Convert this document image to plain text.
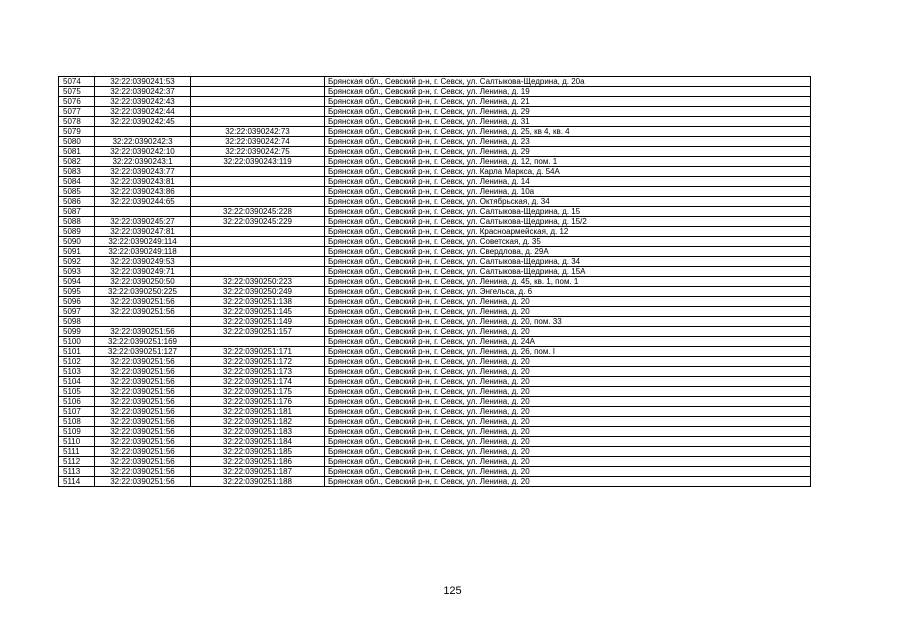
5074	32:22:0390241:53		Брянская обл., Севский р-н, г. Севск, ул. Салтыкова-Щедрина, д. 20а
5075	32:22:0390242:37		Брянская обл., Севский р-н, г. Севск, ул. Ленина, д. 19
5076	32:22:0390242:43		Брянская обл., Севский р-н, г. Севск, ул. Ленина, д. 21
5077	32:22:0390242:44		Брянская обл., Севский р-н, г. Севск, ул. Ленина, д. 29
5078	32:22:0390242:45		Брянская обл., Севский р-н, г. Севск, ул. Ленина, д. 31
5079		32:22:0390242:73	Брянская обл., Севский р-н, г. Севск, ул. Ленина, д. 25, кв 4, кв. 4
5080	32:22:0390242:3	32:22:0390242:74	Брянская обл., Севский р-н, г. Севск, ул. Ленина, д. 23
5081	32:22:0390242:10	32:22:0390242:75	Брянская обл., Севский р-н, г. Севск, ул. Ленина, д. 29
5082	32:22:0390243:1	32:22:0390243:119	Брянская обл., Севский р-н, г. Севск, ул. Ленина, д. 12, пом. 1
5083	32:22:0390243:77		Брянская обл., Севский р-н, г. Севск, ул. Карла Маркса, д. 54А
5084	32:22:0390243:81		Брянская обл., Севский р-н, г. Севск, ул. Ленина, д. 14
5085	32:22:0390243:86		Брянская обл., Севский р-н, г. Севск, ул. Ленина, д. 10а
5086	32:22:0390244:65		Брянская обл., Севский р-н, г. Севск, ул. Октябрьская, д. 34
5087		32:22:0390245:228	Брянская обл., Севский р-н, г. Севск, ул. Салтыкова-Щедрина, д. 15
5088	32:22:0390245:27	32:22:0390245:229	Брянская обл., Севский р-н, г. Севск, ул. Салтыкова-Щедрина, д. 15/2
5089	32:22:0390247:81		Брянская обл., Севский р-н, г. Севск, ул. Красноармейская, д. 12
5090	32:22:0390249:114		Брянская обл., Севский р-н, г. Севск, ул. Советская, д. 35
5091	32:22:0390249:118		Брянская обл., Севский р-н, г. Севск, ул. Свердлова, д. 29А
5092	32:22:0390249:53		Брянская обл., Севский р-н, г. Севск, ул. Салтыкова-Щедрина, д. 34
5093	32:22:0390249:71		Брянская обл., Севский р-н, г. Севск, ул. Салтыкова-Щедрина, д. 15А
5094	32:22:0390250:50	32:22:0390250:223	Брянская обл., Севский р-н, г. Севск, ул. Ленина, д. 45, кв. 1, пом. 1
5095	32:22:0390250:225	32:22:0390250:249	Брянская обл., Севский р-н, г. Севск, ул. Энгельса, д. 6
5096	32:22:0390251:56	32:22:0390251:138	Брянская обл., Севский р-н, г. Севск, ул. Ленина, д. 20
5097	32:22:0390251:56	32:22:0390251:145	Брянская обл., Севский р-н, г. Севск, ул. Ленина, д. 20
5098		32:22:0390251:149	Брянская обл., Севский р-н, г. Севск, ул. Ленина, д. 20, пом. 33
5099	32:22:0390251:56	32:22:0390251:157	Брянская обл., Севский р-н, г. Севск, ул. Ленина, д. 20
5100	32:22:0390251:169		Брянская обл., Севский р-н, г. Севск, ул. Ленина, д. 24А
5101	32:22:0390251:127	32:22:0390251:171	Брянская обл., Севский р-н, г. Севск, ул. Ленина, д. 26, пом. I
5102	32:22:0390251:56	32:22:0390251:172	Брянская обл., Севский р-н, г. Севск, ул. Ленина, д. 20
5103	32:22:0390251:56	32:22:0390251:173	Брянская обл., Севский р-н, г. Севск, ул. Ленина, д. 20
5104	32:22:0390251:56	32:22:0390251:174	Брянская обл., Севский р-н, г. Севск, ул. Ленина, д. 20
5105	32:22:0390251:56	32:22:0390251:175	Брянская обл., Севский р-н, г. Севск, ул. Ленина, д. 20
5106	32:22:0390251:56	32:22:0390251:176	Брянская обл., Севский р-н, г. Севск, ул. Ленина, д. 20
5107	32:22:0390251:56	32:22:0390251:181	Брянская обл., Севский р-н, г. Севск, ул. Ленина, д. 20
5108	32:22:0390251:56	32:22:0390251:182	Брянская обл., Севский р-н, г. Севск, ул. Ленина, д. 20
5109	32:22:0390251:56	32:22:0390251:183	Брянская обл., Севский р-н, г. Севск, ул. Ленина, д. 20
5110	32:22:0390251:56	32:22:0390251:184	Брянская обл., Севский р-н, г. Севск, ул. Ленина, д. 20
5111	32:22:0390251:56	32:22:0390251:185	Брянская обл., Севский р-н, г. Севск, ул. Ленина, д. 20
5112	32:22:0390251:56	32:22:0390251:186	Брянская обл., Севский р-н, г. Севск, ул. Ленина, д. 20
5113	32:22:0390251:56	32:22:0390251:187	Брянская обл., Севский р-н, г. Севск, ул. Ленина, д. 20
5114	32:22:0390251:56	32:22:0390251:188	Брянская обл., Севский р-н, г. Севск, ул. Ленина, д. 20
125
